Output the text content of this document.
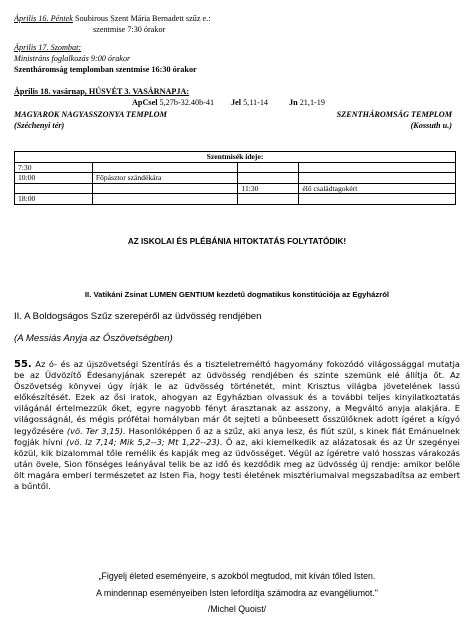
Április 16. Péntek Soubirous Szent Mária Bernadett szűz e.:
szentmise 7:30 órakor
Április 17. Szombat:
Ministráns foglalkozás 9:00 órakor
Szentháromság templomban szentmise 16:30 órakor
Április 18. vasárnap, HÚSVÉT 3. VASÁRNAPJA:
ApCsel 5,27b-32.40b-41 Jel 5,11-14	Jn 21,1-19
MAGYAROK NAGYASSZONYA TEMPLOM
(Széchenyi tér)
SZENTHÁROMSÁG TEMPLOM
(Kossuth u.)
Szentmisék ideje:			
7:30			
10:00	Főpásztor szándékára		
		11:30	élő családtagokért
18:00			
AZ ISKOLAI ÉS PLÉBÁNIA HITOKTATÁS FOLYTATÓDIK!
II. Vatikáni Zsinat LUMEN GENTIUM kezdetű dogmatikus konstitúciója az Egyházról
II. A Boldogságos Szűz szerepéről az üdvösség rendjében
(A Messiás Anyja az Ószövetségben)
55. Az ó- és az újszövetségi Szentírás és a tiszteletreméltó hagyomány fokozódó világossággal mutatja be az Üdvözítő Édesanyjának szerepét az üdvösség rendjében és szinte szemünk elé állítja őt. Az Ószövetség könyvei úgy írják le az üdvösség történetét, mint Krisztus világba jövetelének lassú előkészítését. Ezek az ősi iratok, ahogyan az Egyházban olvassuk és a további teljes kinyilatkoztatás világánál értelmezzük őket, egyre nagyobb fényt árasztanak az asszony, a Megváltó anyja alakjára. E világosságnál, és mégis prófétai homályban már őt sejteti a bűnbeesett ősszülőknek adott ígéret a kígyó legyőzésére (vö. Ter 3,15). Hasonlóképpen ő az a szűz, aki anya lesz, és fiút szül, s kinek fiát Emánuelnek fogják hívni (vö. Iz 7,14; Mik 5,2--3; Mt 1,22--23). Ő az, aki kiemelkedik az alázatosak és az Úr szegényei közül, kik bizalommal tőle remélik és kapják meg az üdvösséget. Végül az ígéretre való hosszas várakozás után övele, Sion fönséges leányával telik be az idő és kezdődik meg az üdvösség új rendje: amikor belőle ölt magára emberi természetet az Isten Fia, hogy testi életének misztériumaival megszabadítsa az embert a bűntől.
„Figyelj életed eseményeire, s azokból megtudod, mit kíván tőled Isten.
A mindennap eseményeiben Isten lefordítja számodra az evangéliumot."
/Michel Quoist/
